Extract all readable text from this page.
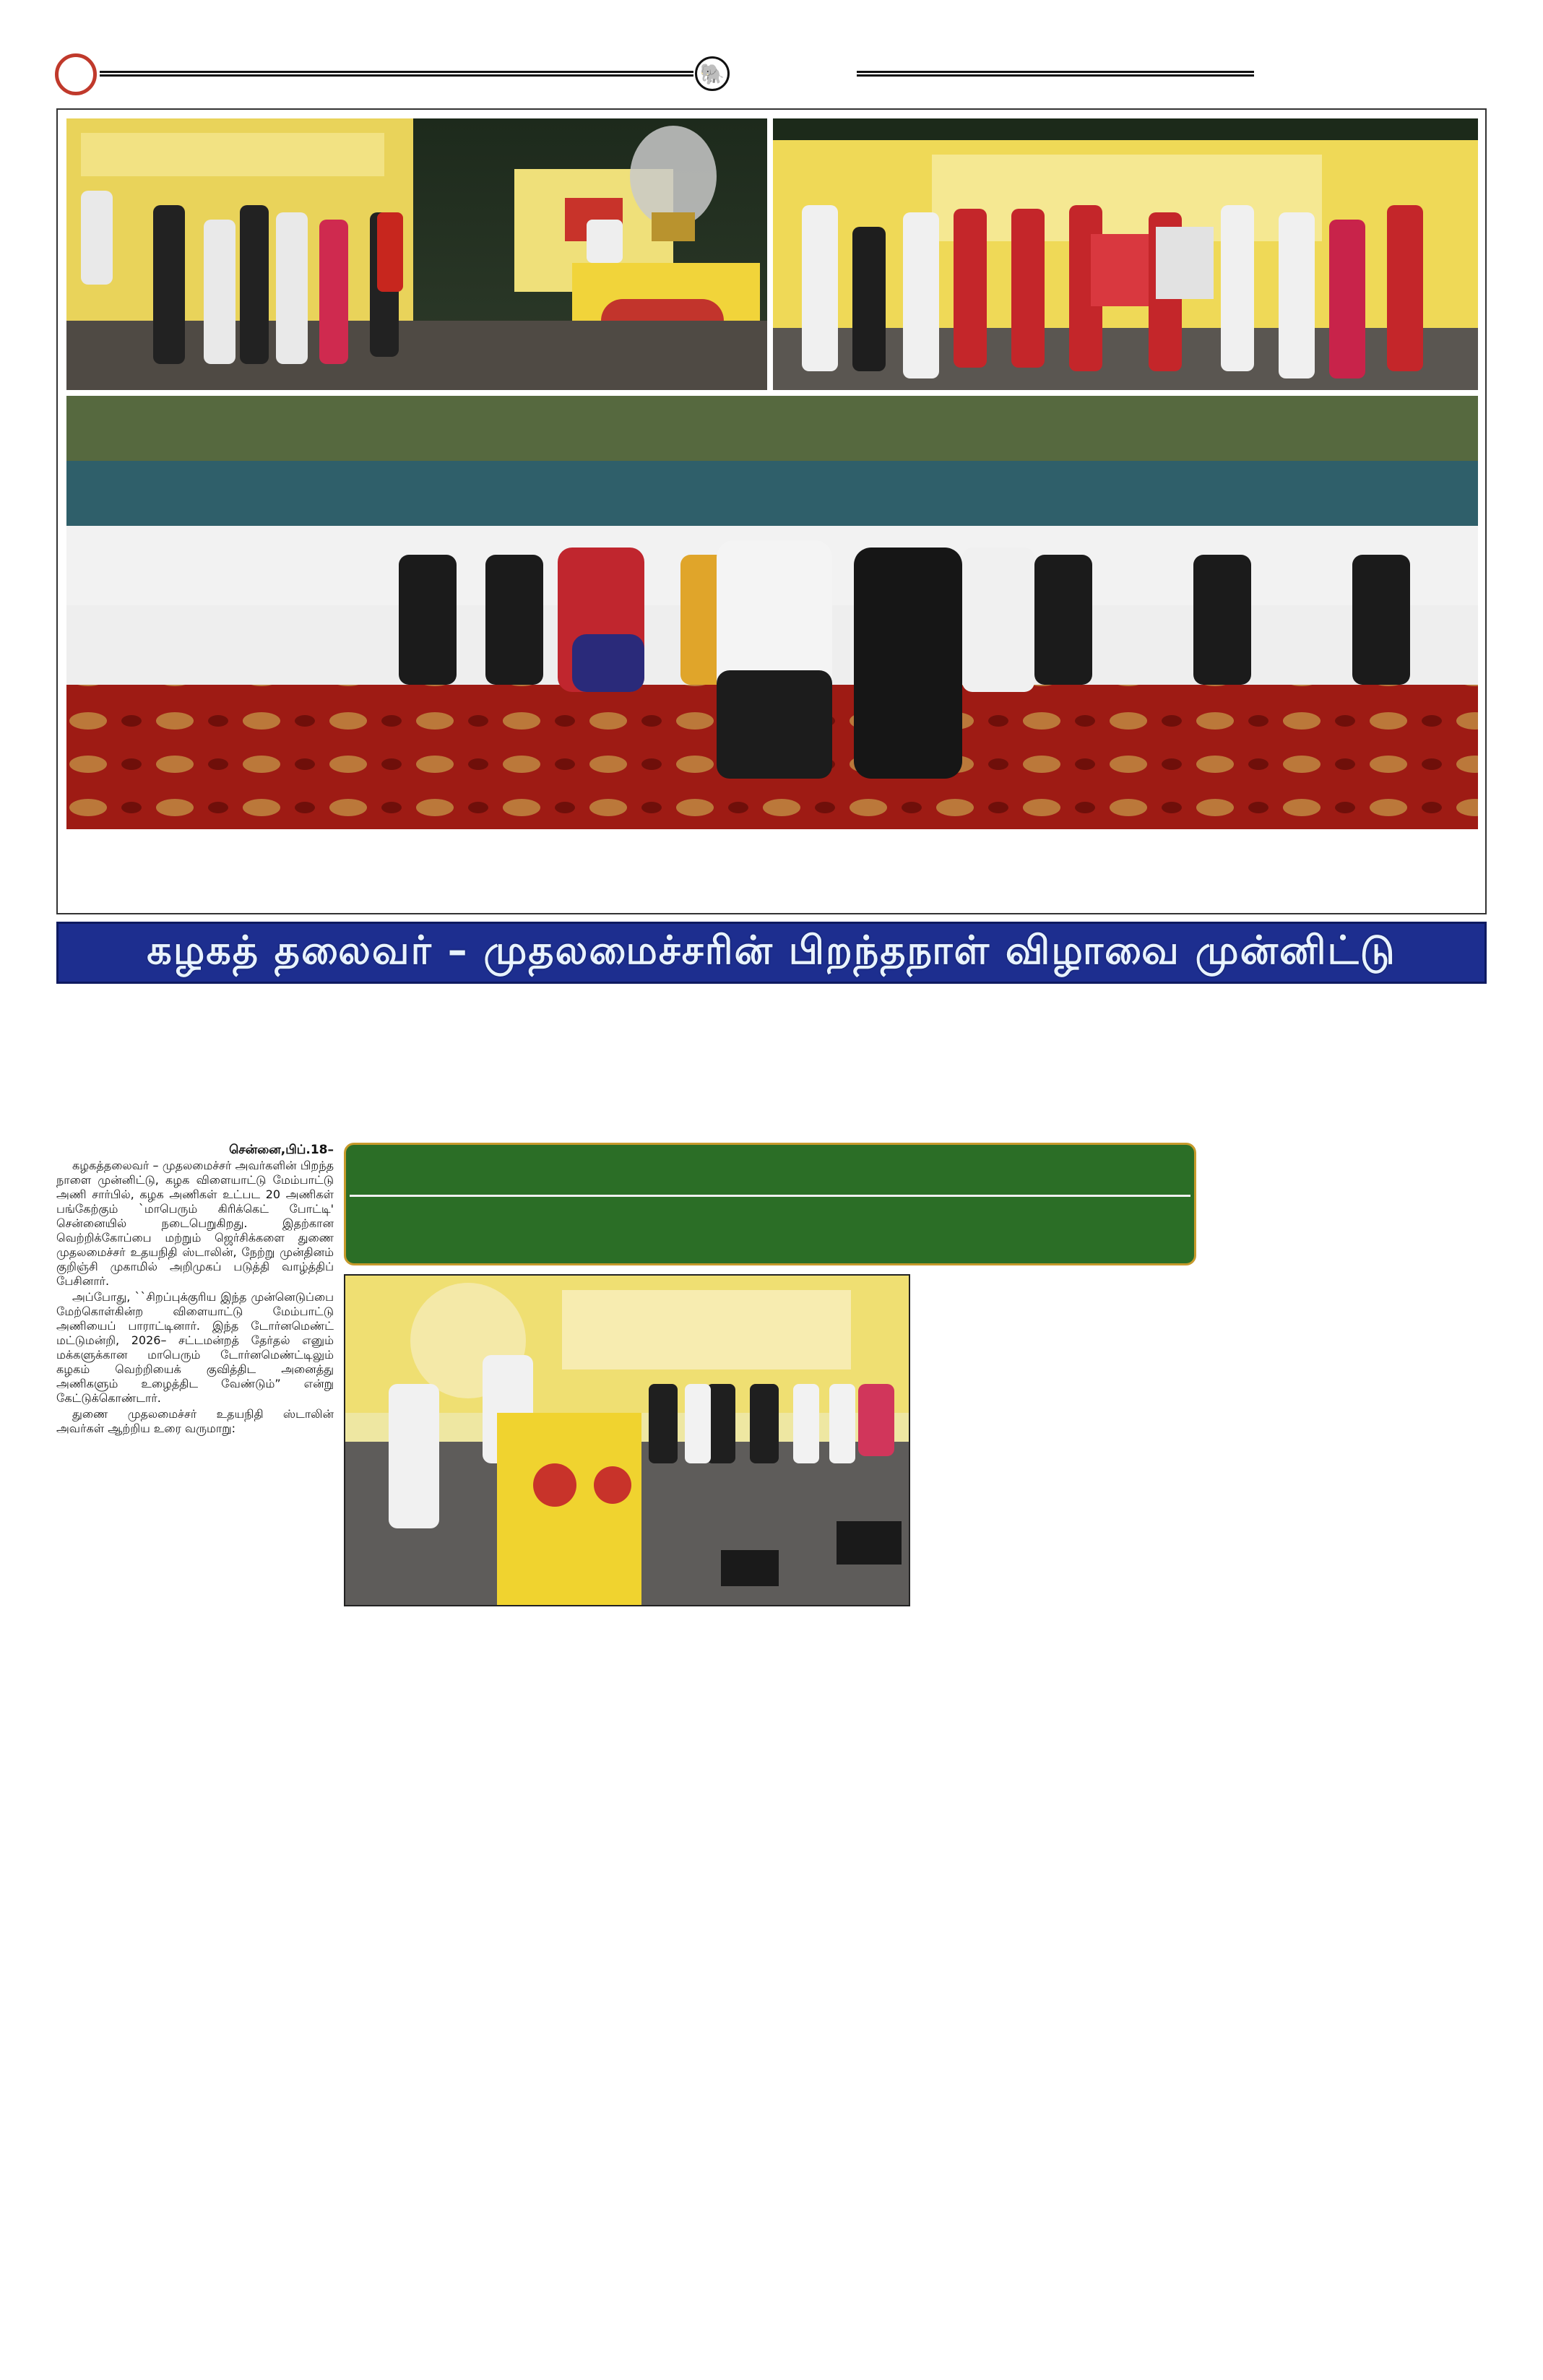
🐘
கழகத் தலைவர் – முதலமைச்சரின் பிறந்தநாள் விழாவை முன்னிட்டு
சென்னை,பிப்.18–

கழகத்தலைவர் – முதலமைச்சர் அவர்களின் பிறந்த நாளை முன்னிட்டு, கழக விளையாட்டு மேம்பாட்டு அணி சார்பில், கழக அணிகள் உட்பட 20 அணிகள் பங்கேற்கும் `மாபெரும் கிரிக்கெட் போட்டி' சென்னையில் நடைபெறுகிறது. இதற்கான வெற்றிக்கோப்பை மற்றும் ஜெர்சிக்களை துணை முதலமைச்சர் உதயநிதி ஸ்டாலின், நேற்று முன்தினம் குறிஞ்சி முகாமில் அறிமுகப் படுத்தி வாழ்த்திப் பேசினார்.

அப்போது, ``சிறப்புக்குரிய இந்த முன்னெடுப்பை மேற்கொள்கின்ற விளையாட்டு மேம்பாட்டு அணியைப் பாராட்டினார். இந்த டோர்னமெண்ட் மட்டுமன்றி, 2026– சட்டமன்றத் தேர்தல் எனும் மக்களுக்கான மாபெரும் டோர்னமெண்ட்டிலும் கழகம் வெற்றியைக் குவித்திட அனைத்து அணிகளும் உழைத்திட வேண்டும்” என்று கேட்டுக்கொண்டார்.

துணை முதலமைச்சர் உதயநிதி ஸ்டாலின் அவர்கள் ஆற்றிய உரை வருமாறு:
